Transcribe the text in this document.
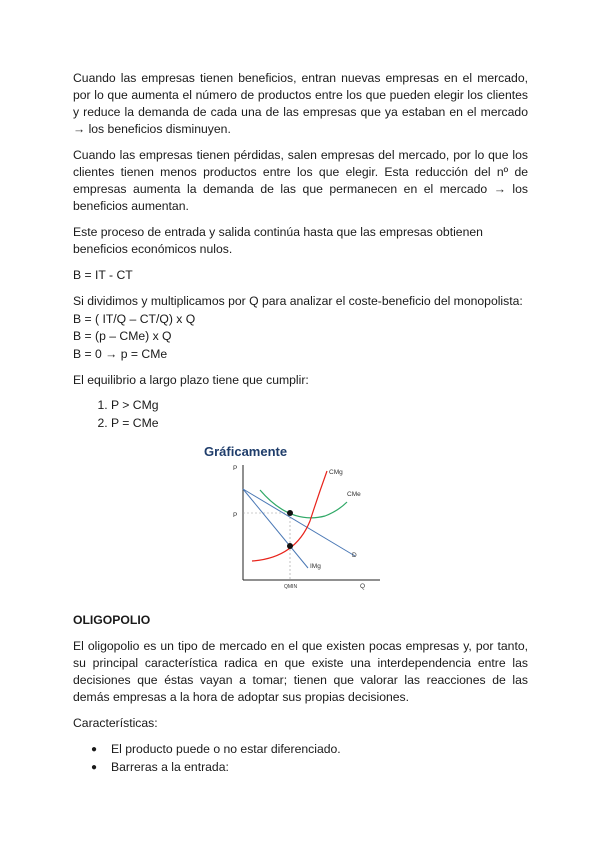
Cuando las empresas tienen beneficios, entran nuevas empresas en el mercado, por lo que aumenta el número de productos entre los que pueden elegir los clientes y reduce la demanda de cada una de las empresas que ya estaban en el mercado → los beneficios disminuyen.

Cuando las empresas tienen pérdidas, salen empresas del mercado, por lo que los clientes tienen menos productos entre los que elegir. Esta reducción del nº de empresas aumenta la demanda de las que permanecen en el mercado → los beneficios aumentan.

Este proceso de entrada y salida continúa hasta que las empresas obtienen beneficios económicos nulos.

B = IT - CT

Si dividimos y multiplicamos por Q para analizar el coste-beneficio del monopolista:

B = ( IT/Q – CT/Q) x Q

B = (p – CMe) x Q

B = 0 → p = CMe

El equilibrio a largo plazo tiene que cumplir:

1. P > CMg
2. P = CMe

OLIGOPOLIO

El oligopolio es un tipo de mercado en el que existen pocas empresas y, por tanto, su principal característica radica en que existe una interdependencia entre las decisiones que éstas vayan a tomar; tienen que valorar las reacciones de las demás empresas a la hora de adoptar sus propias decisiones.

Características:

● El producto puede o no estar diferenciado.
● Barreras a la entrada:
Gráficamente
P
Q
P
QMIN
D
IMg
CMe
CMg
